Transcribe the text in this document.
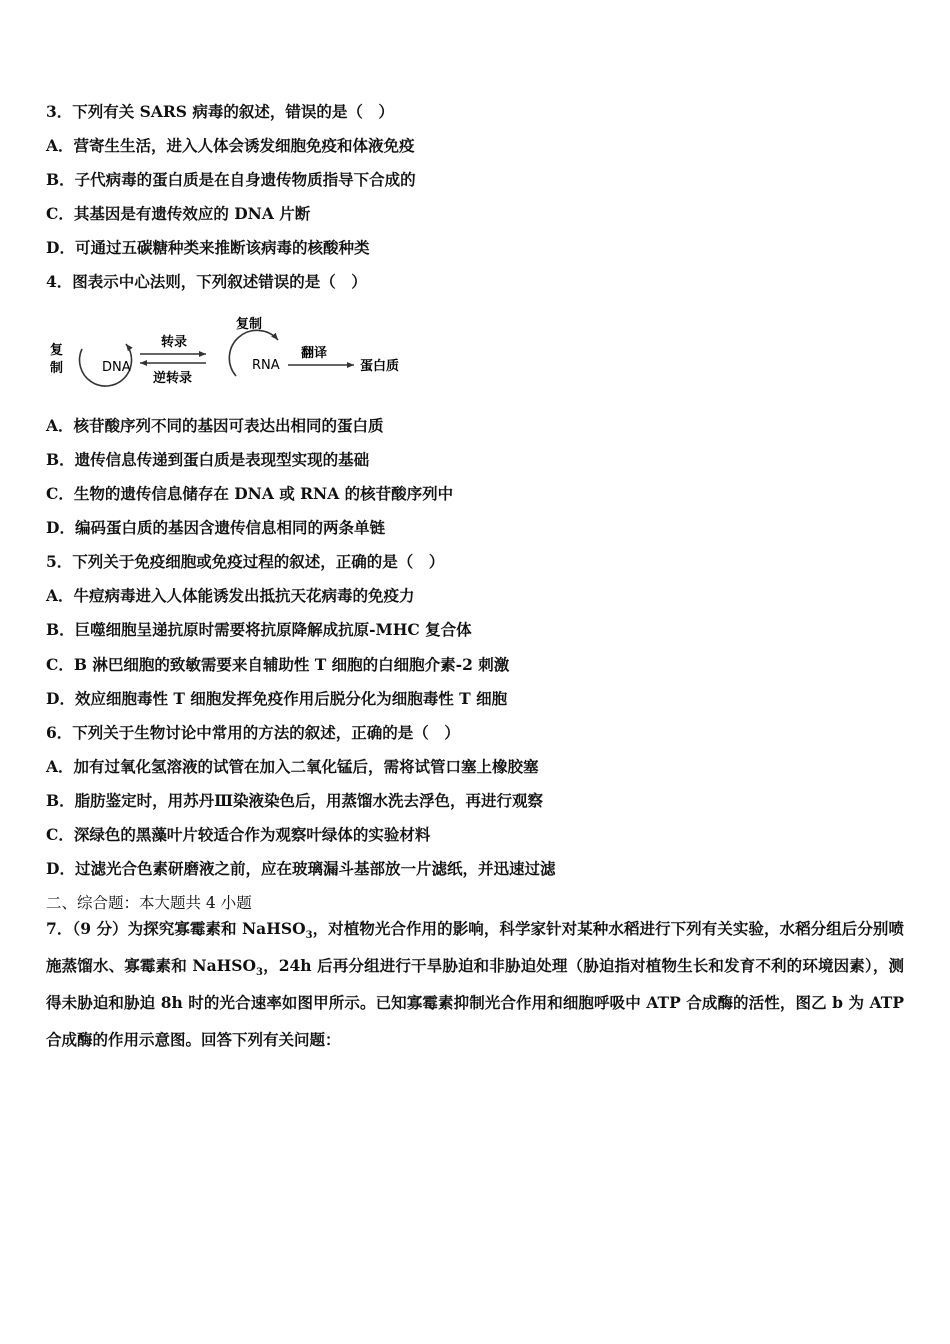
3．下列有关 SARS 病毒的叙述，错误的是（　）
A．营寄生生活，进入人体会诱发细胞免疫和体液免疫
B．子代病毒的蛋白质是在自身遗传物质指导下合成的
C．其基因是有遗传效应的 DNA 片断
D．可通过五碳糖种类来推断该病毒的核酸种类
4．图表示中心法则，下列叙述错误的是（　）
复
制	DNA
转录
逆转录
复制
RNA
翻译
蛋白质
A．核苷酸序列不同的基因可表达出相同的蛋白质
B．遗传信息传递到蛋白质是表现型实现的基础
C．生物的遗传信息储存在 DNA 或 RNA 的核苷酸序列中
D．编码蛋白质的基因含遗传信息相同的两条单链
5．下列关于免疫细胞或免疫过程的叙述，正确的是（　）
A．牛痘病毒进入人体能诱发出抵抗天花病毒的免疫力
B．巨噬细胞呈递抗原时需要将抗原降解成抗原-MHC 复合体
C．B 淋巴细胞的致敏需要来自辅助性 T 细胞的白细胞介素-2 刺激
D．效应细胞毒性 T 细胞发挥免疫作用后脱分化为细胞毒性 T 细胞
6．下列关于生物讨论中常用的方法的叙述，正确的是（　）
A．加有过氧化氢溶液的试管在加入二氧化锰后，需将试管口塞上橡胶塞
B．脂肪鉴定时，用苏丹Ⅲ染液染色后，用蒸馏水洗去浮色，再进行观察
C．深绿色的黑藻叶片较适合作为观察叶绿体的实验材料
D．过滤光合色素研磨液之前，应在玻璃漏斗基部放一片滤纸，并迅速过滤
二、综合题：本大题共 4 小题
7．（9 分）为探究寡霉素和 NaHSO$_3$，对植物光合作用的影响，科学家针对某种水稻进行下列有关实验，水稻分组后分别喷施蒸馏水、寡霉素和 NaHSO$_3$，24h 后再分组进行干旱胁迫和非胁迫处理（胁迫指对植物生长和发育不利的环境因素），测得未胁迫和胁迫 8h 时的光合速率如图甲所示。已知寡霉素抑制光合作用和细胞呼吸中 ATP 合成酶的活性，图乙 b 为 ATP 合成酶的作用示意图。回答下列有关问题：
